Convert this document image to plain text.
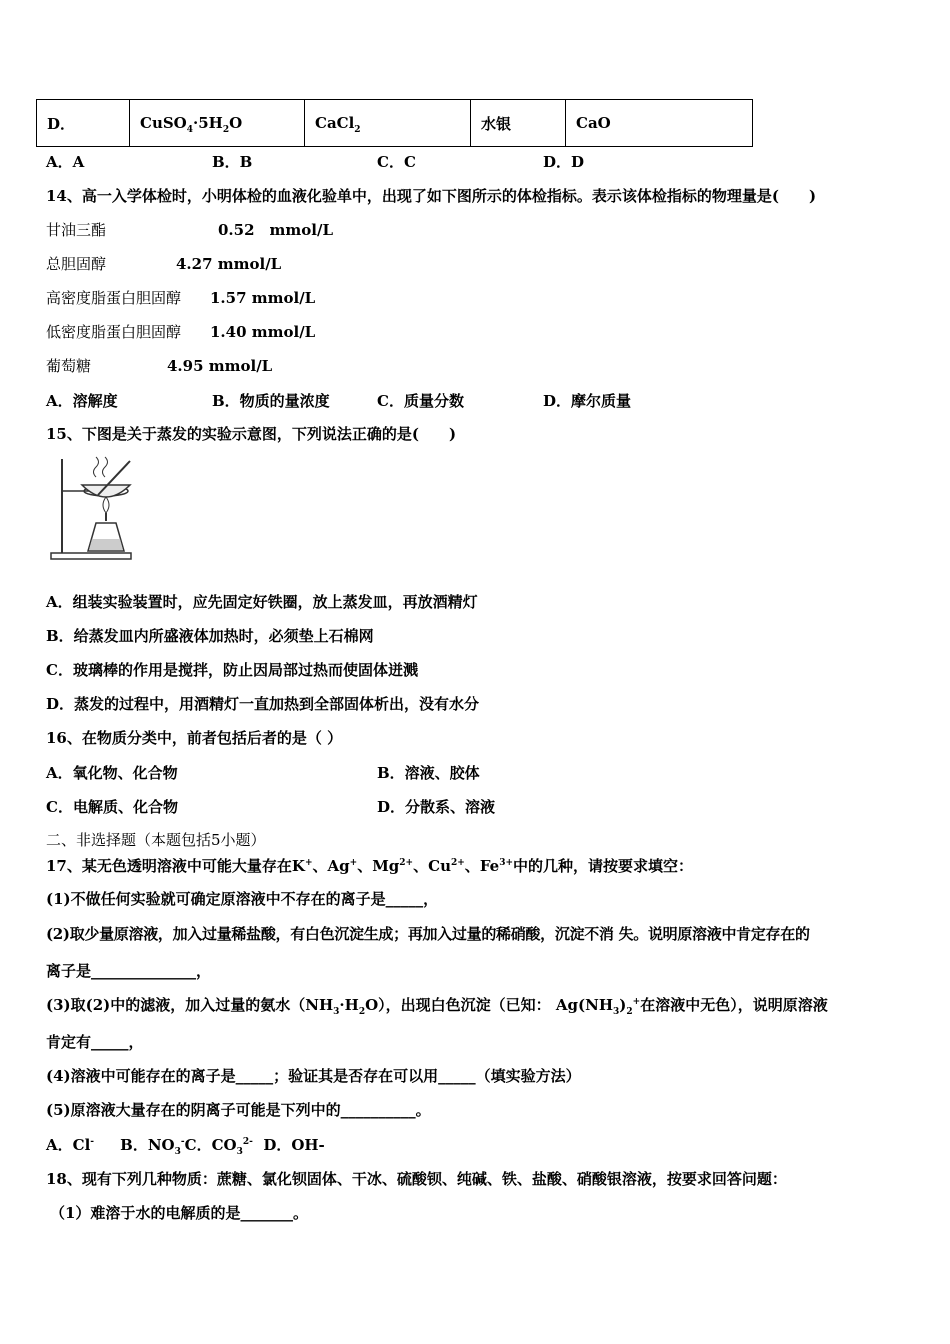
D．	$CuSO_4\cdot 5H_2O$	CaCl$_2$	水银	CaO
A．A	B．B	C．C	D．D
14、高一入学体检时，小明体检的血液化验单中，出现了如下图所示的体检指标。表示该体检指标的物理量是(　　)
甘油三酯	0.52　mmol/L
总胆固醇	4.27 mmol/L
高密度脂蛋白胆固醇 1.57 mmol/L
低密度脂蛋白胆固醇 1.40 mmol/L
葡萄糖	4.95 mmol/L
A．溶解度	B．物质的量浓度	C．质量分数	D．摩尔质量
15、下图是关于蒸发的实验示意图，下列说法正确的是(　　)
A．组装实验装置时，应先固定好铁圈，放上蒸发皿，再放酒精灯
B．给蒸发皿内所盛液体加热时，必须垫上石棉网
C．玻璃棒的作用是搅拌，防止因局部过热而使固体迸溅
D．蒸发的过程中，用酒精灯一直加热到全部固体析出，没有水分
16、在物质分类中，前者包括后者的是（ ）
A．氧化物、化合物	B．溶液、胶体
C．电解质、化合物	D．分散系、溶液
二、非选择题（本题包括5小题）
17、某无色透明溶液中可能大量存在K+、Ag+、$Mg^{2+}$、$Cu^{2+}$、$Fe^{3+}$中的几种，请按要求填空：
(1)不做任何实验就可确定原溶液中不存在的离子是_____，
(2)取少量原溶液，加入过量稀盐酸，有白色沉淀生成；再加入过量的稀硝酸，沉淀不消 失。说明原溶液中肯定存在的
离子是______________，
(3)取(2)中的滤液，加入过量的氨水$(NH_3\cdot H_2O)$，出现白色沉淀（已知： $Ag(NH_3)_2^+$在溶液中无色），说明原溶液
肯定有_____，
(4)溶液中可能存在的离子是_____；验证其是否存在可以用_____（填实验方法）
(5)原溶液大量存在的阴离子可能是下列中的__________。
A．Cl- B．$NO_3^-C$．$CO_3^{2-}$ D．OH-
18、现有下列几种物质：蔗糖、氯化钡固体、干冰、硫酸钡、纯碱、铁、盐酸、硝酸银溶液，按要求回答问题：
（1）难溶于水的电解质的是_______。
